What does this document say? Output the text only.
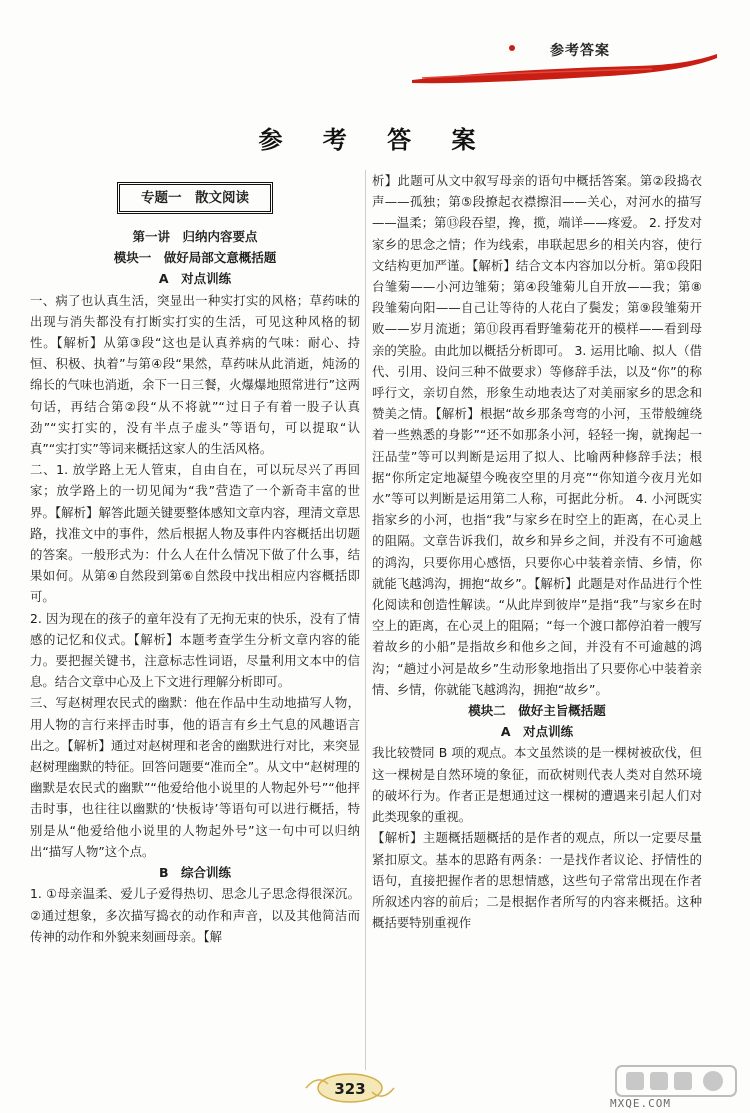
参考答案
参 考 答 案
专题一　散文阅读

第一讲　归纳内容要点

模块一　做好局部文意概括题

A　对点训练

一、病了也认真生活，突显出一种实打实的风格；草药味的出现与消失都没有打断实打实的生活，可见这种风格的韧性。【解析】从第③段“这也是认真养病的气味：耐心、持恒、积极、执着”与第④段“果然，草药味从此消逝，炖汤的绵长的气味也消逝，余下一日三餐，火爆爆地照常进行”这两句话，再结合第②段“从不将就”“过日子有着一股子认真劲”“实打实的，没有半点子虚头”等语句，可以提取“认真”“实打实”等词来概括这家人的生活风格。

二、1. 放学路上无人管束，自由自在，可以玩尽兴了再回家；放学路上的一切见闻为“我”营造了一个新奇丰富的世界。【解析】解答此题关键要整体感知文章内容，理清文章思路，找准文中的事件，然后根据人物及事件内容概括出切题的答案。一般形式为：什么人在什么情况下做了什么事，结果如何。从第④自然段到第⑥自然段中找出相应内容概括即可。

2. 因为现在的孩子的童年没有了无拘无束的快乐，没有了情感的记忆和仪式。【解析】本题考查学生分析文章内容的能力。要把握关键书，注意标志性词语，尽量利用文本中的信息。结合文章中心及上下文进行理解分析即可。

三、写赵树理农民式的幽默：他在作品中生动地描写人物，用人物的言行来抨击时事，他的语言有乡土气息的风趣语言出之。【解析】通过对赵树理和老舍的幽默进行对比，来突显赵树理幽默的特征。回答问题要“准而全”。从文中“赵树理的幽默是农民式的幽默”“他爱给他小说里的人物起外号”“他抨击时事，也往往以幽默的‘快板诗’等语句可以进行概括，特别是从“他爱给他小说里的人物起外号”这一句中可以归纳出“描写人物”这个点。

B　综合训练

1. ①母亲温柔、爱儿子爱得热切、思念儿子思念得很深沉。②通过想象，多次描写捣衣的动作和声音，以及其他简洁而传神的动作和外貌来刻画母亲。【解

析】此题可从文中叙写母亲的语句中概括答案。第②段捣衣声——孤独；第⑤段撩起衣襟擦泪——关心，对河水的描写——温柔；第⑬段吞望，搀，揽，端详——疼爱。 2. 抒发对家乡的思念之情；作为线索，串联起思乡的相关内容，使行文结构更加严谨。【解析】结合文本内容加以分析。第①段阳台雏菊——小河边雏菊；第④段雏菊儿自开放——我；第⑧段雏菊向阳——自己让等待的人花白了鬓发；第⑨段雏菊开败——岁月流逝；第⑪段再看野雏菊花开的模样——看到母亲的笑脸。由此加以概括分析即可。 3. 运用比喻、拟人（借代、引用、设问三种不做要求）等修辞手法，以及“你”的称呼行文，亲切自然，形象生动地表达了对美丽家乡的思念和赞美之情。【解析】根据“故乡那条弯弯的小河，玉带般缠绕着一些熟悉的身影”“还不如那条小河，轻轻一掬，就掬起一汪品莹”等可以判断是运用了拟人、比喻两种修辞手法；根据“你所定定地凝望今晚夜空里的月亮”“你知道今夜月光如水”等可以判断是运用第二人称，可据此分析。 4. 小河既实指家乡的小河，也指“我”与家乡在时空上的距离，在心灵上的阻隔。文章告诉我们，故乡和异乡之间，并没有不可逾越的鸿沟，只要你用心感悟，只要你心中装着亲情、乡情，你就能飞越鸿沟，拥抱“故乡”。【解析】此题是对作品进行个性化阅读和创造性解读。“从此岸到彼岸”是指“我”与家乡在时空上的距离，在心灵上的阻隔；“每一个渡口都停泊着一艘写着故乡的小船”是指故乡和他乡之间，并没有不可逾越的鸿沟；“趟过小河是故乡”生动形象地指出了只要你心中装着亲情、乡情，你就能飞越鸿沟，拥抱“故乡”。

模块二　做好主旨概括题

A　对点训练

我比较赞同 B 项的观点。本文虽然谈的是一棵树被砍伐，但这一棵树是自然环境的象征，而砍树则代表人类对自然环境的破坏行为。作者正是想通过这一棵树的遭遇来引起人们对此类现象的重视。

【解析】主题概括题概括的是作者的观点，所以一定要尽量紧扣原文。基本的思路有两条：一是找作者议论、抒情性的语句，直接把握作者的思想情感，这些句子常常出现在作者所叙述内容的前后；二是根据作者所写的内容来概括。这种概括要特别重视作

323
MXQE.COM
